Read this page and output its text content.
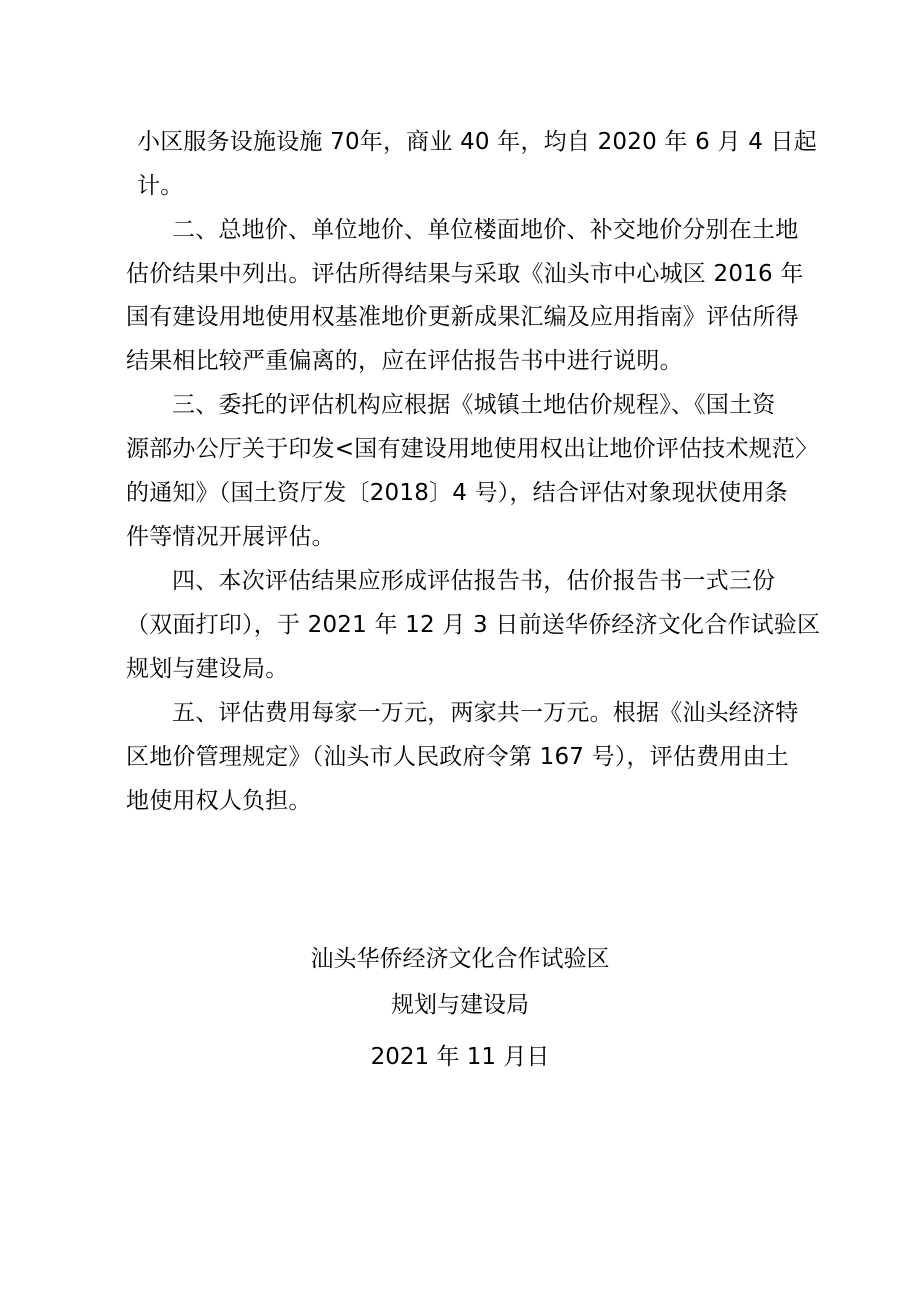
小区服务设施设施 70年，商业 40 年，均自 2020 年 6 月 4 日起
计。
二、总地价、单位地价、单位楼面地价、补交地价分别在土地
估价结果中列出。评估所得结果与采取《汕头市中心城区 2016 年
国有建设用地使用权基准地价更新成果汇编及应用指南》评估所得
结果相比较严重偏离的，应在评估报告书中进行说明。
三、委托的评估机构应根据《城镇土地估价规程》、《国土资
源部办公厅关于印发<国有建设用地使用权出让地价评估技术规范〉
的通知》（国土资厅发〔2018〕4 号），结合评估对象现状使用条
件等情况开展评估。
四、本次评估结果应形成评估报告书，估价报告书一式三份
（双面打印），于 2021 年 12 月 3 日前送华侨经济文化合作试验区
规划与建设局。
五、评估费用每家一万元，两家共一万元。根据《汕头经济特
区地价管理规定》（汕头市人民政府令第 167 号），评估费用由土
地使用权人负担。
汕头华侨经济文化合作试验区
规划与建设局
2021 年 11 月日
